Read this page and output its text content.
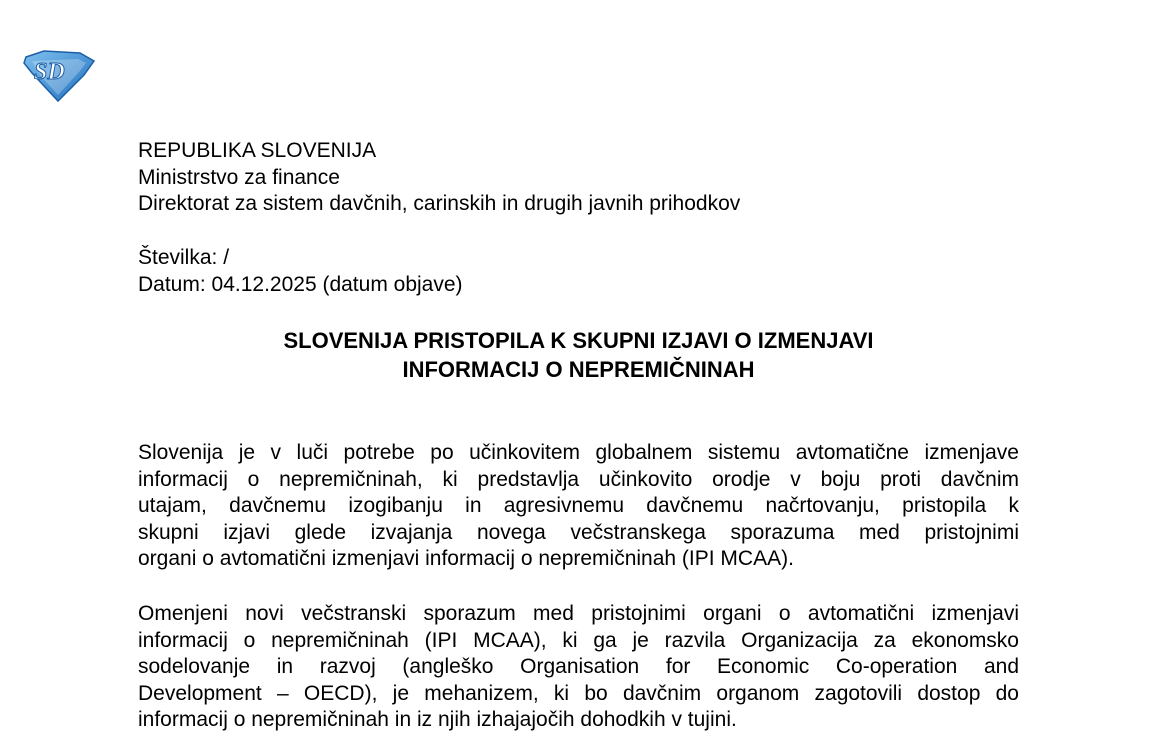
SD
REPUBLIKA SLOVENIJA
Ministrstvo za finance
Direktorat za sistem davčnih, carinskih in drugih javnih prihodkov
Številka: /
Datum: 04.12.2025 (datum objave)
SLOVENIJA PRISTOPILA K SKUPNI IZJAVI O IZMENJAVI
INFORMACIJ O NEPREMIČNINAH
Slovenija je v luči potrebe po učinkovitem globalnem sistemu avtomatične izmenjave
informacij o nepremičninah, ki predstavlja učinkovito orodje v boju proti davčnim
utajam, davčnemu izogibanju in agresivnemu davčnemu načrtovanju, pristopila k
skupni izjavi glede izvajanja novega večstranskega sporazuma med pristojnimi
organi o avtomatični izmenjavi informacij o nepremičninah (IPI MCAA).
Omenjeni novi večstranski sporazum med pristojnimi organi o avtomatični izmenjavi
informacij o nepremičninah (IPI MCAA), ki ga je razvila Organizacija za ekonomsko
sodelovanje in razvoj (angleško Organisation for Economic Co-operation and
Development – OECD), je mehanizem, ki bo davčnim organom zagotovili dostop do
informacij o nepremičninah in iz njih izhajajočih dohodkih v tujini.
